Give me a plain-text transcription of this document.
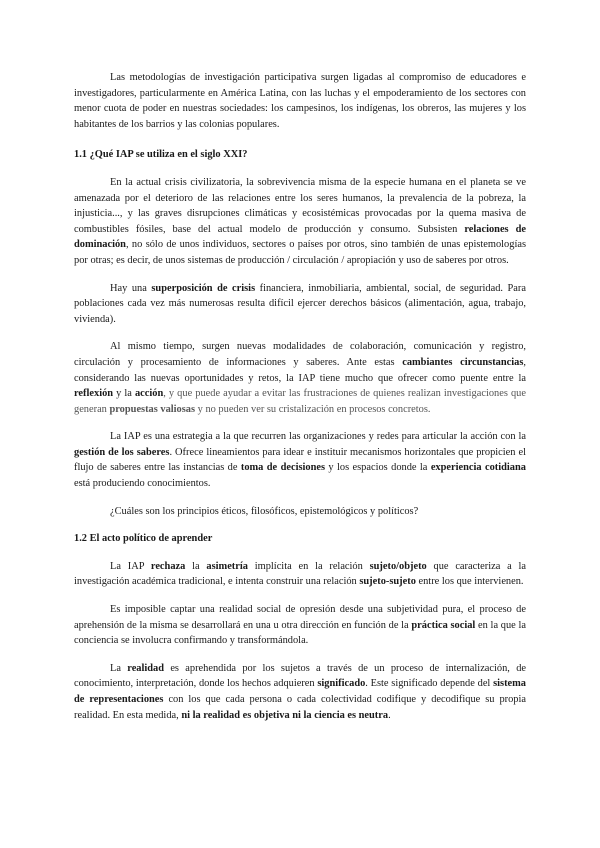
Las metodologías de investigación participativa surgen ligadas al compromiso de educadores e investigadores, particularmente en América Latina, con las luchas y el empoderamiento de los sectores con menor cuota de poder en nuestras sociedades: los campesinos, los indígenas, los obreros, las mujeres y los habitantes de los barrios y las colonias populares.

1.1 ¿Qué IAP se utiliza en el siglo XXI?

En la actual crisis civilizatoria, la sobrevivencia misma de la especie humana en el planeta se ve amenazada por el deterioro de las relaciones entre los seres humanos, la prevalencia de la pobreza, la injusticia..., y las graves disrupciones climáticas y ecosistémicas provocadas por la quema masiva de combustibles fósiles, base del actual modelo de producción y consumo. Subsisten relaciones de dominación, no sólo de unos individuos, sectores o países por otros, sino también de unas epistemologías por otras; es decir, de unos sistemas de producción / circulación / apropiación y uso de saberes por otros.

Hay una superposición de crisis financiera, inmobiliaria, ambiental, social, de seguridad. Para poblaciones cada vez más numerosas resulta difícil ejercer derechos básicos (alimentación, agua, trabajo, vivienda).

Al mismo tiempo, surgen nuevas modalidades de colaboración, comunicación y registro, circulación y procesamiento de informaciones y saberes. Ante estas cambiantes circunstancias, considerando las nuevas oportunidades y retos, la IAP tiene mucho que ofrecer como puente entre la reflexión y la acción, y que puede ayudar a evitar las frustraciones de quienes realizan investigaciones que generan propuestas valiosas y no pueden ver su cristalización en procesos concretos.

La IAP es una estrategia a la que recurren las organizaciones y redes para articular la acción con la gestión de los saberes. Ofrece lineamientos para idear e instituir mecanismos horizontales que propicien el flujo de saberes entre las instancias de toma de decisiones y los espacios donde la experiencia cotidiana está produciendo conocimientos.

¿Cuáles son los principios éticos, filosóficos, epistemológicos y políticos?

1.2 El acto político de aprender

La IAP rechaza la asimetría implícita en la relación sujeto/objeto que caracteriza a la investigación académica tradicional, e intenta construir una relación sujeto-sujeto entre los que intervienen.

Es imposible captar una realidad social de opresión desde una subjetividad pura, el proceso de aprehensión de la misma se desarrollará en una u otra dirección en función de la práctica social en la que la conciencia se involucra confirmando y transformándola.

La realidad es aprehendida por los sujetos a través de un proceso de internalización, de conocimiento, interpretación, donde los hechos adquieren significado. Este significado depende del sistema de representaciones con los que cada persona o cada colectividad codifique y decodifique su propia realidad. En esta medida, ni la realidad es objetiva ni la ciencia es neutra.
